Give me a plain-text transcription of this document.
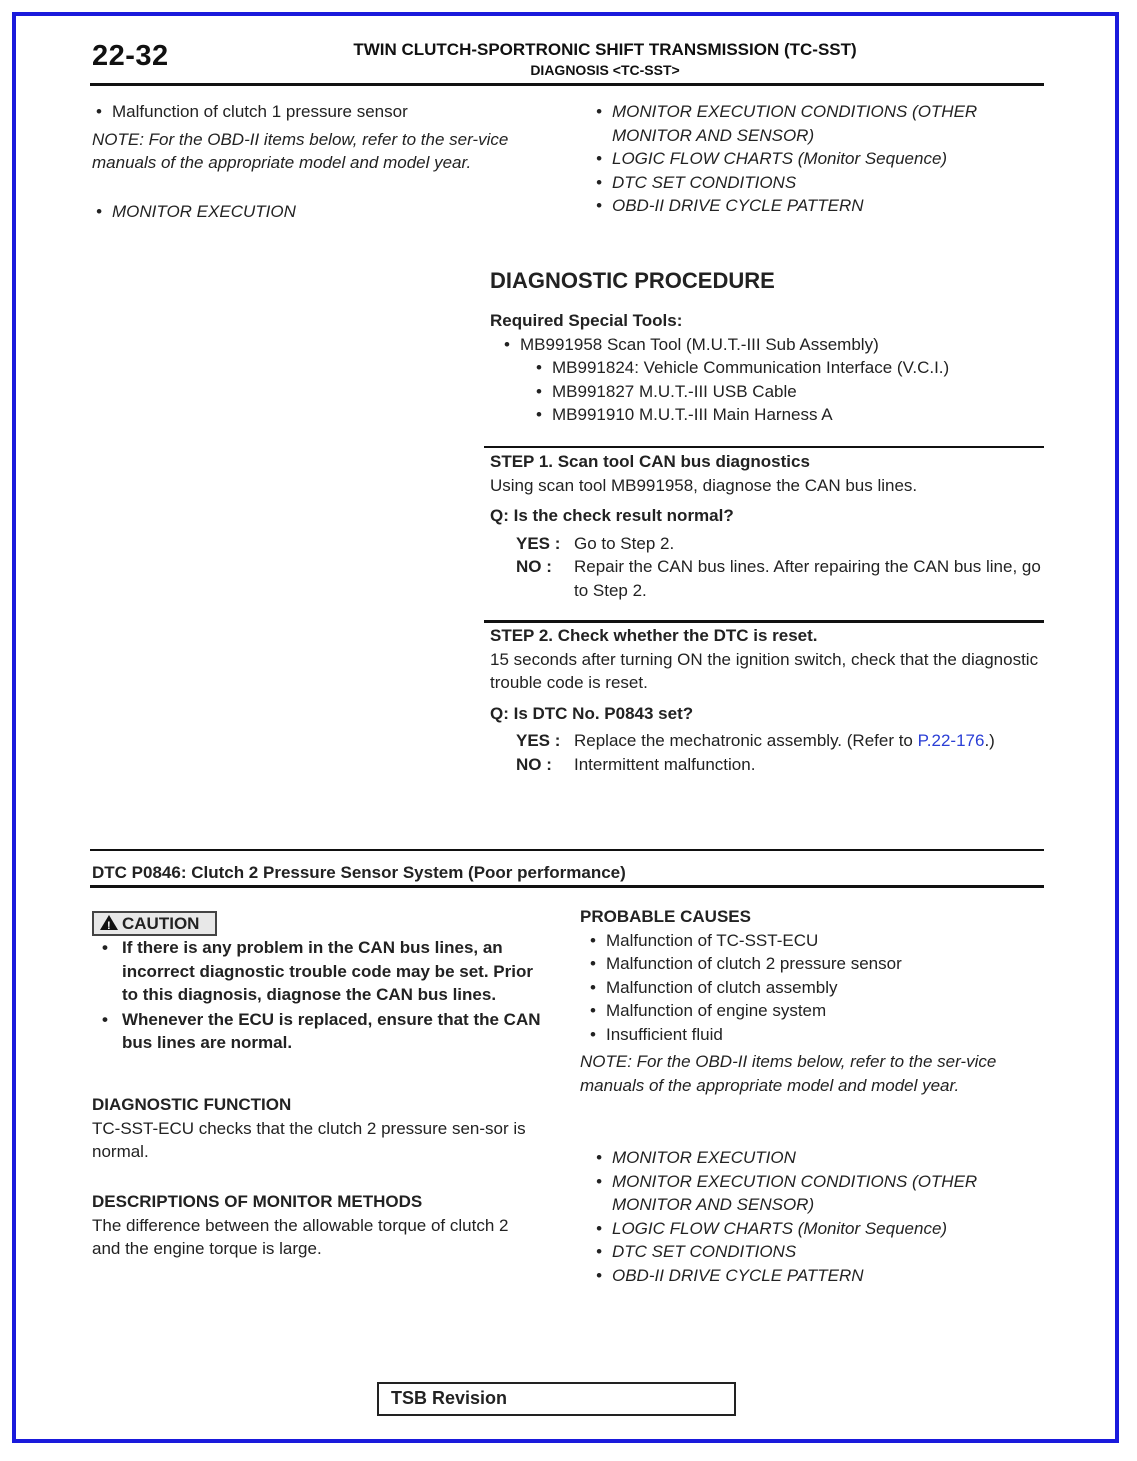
22-32	TWIN CLUTCH-SPORTRONIC SHIFT TRANSMISSION (TC-SST)
DIAGNOSIS <TC-SST>
• Malfunction of clutch 1 pressure sensor
NOTE: For the OBD-II items below, refer to the ser-vice manuals of the appropriate model and model year.
• MONITOR EXECUTION
• MONITOR EXECUTION CONDITIONS (OTHER MONITOR AND SENSOR)
• LOGIC FLOW CHARTS (Monitor Sequence)
• DTC SET CONDITIONS
• OBD-II DRIVE CYCLE PATTERN
DIAGNOSTIC PROCEDURE
Required Special Tools:
• MB991958 Scan Tool (M.U.T.-III Sub Assembly)
• MB991824: Vehicle Communication Interface (V.C.I.)
• MB991827 M.U.T.-III USB Cable
• MB991910 M.U.T.-III Main Harness A
STEP 1. Scan tool CAN bus diagnostics
Using scan tool MB991958, diagnose the CAN bus lines.
Q: Is the check result normal?
YES : Go to Step 2.
NO :	Repair the CAN bus lines. After repairing the CAN bus line, go to Step 2.
STEP 2. Check whether the DTC is reset.
15 seconds after turning ON the ignition switch, check that the diagnostic trouble code is reset.
Q: Is DTC No. P0843 set?
YES : Replace the mechatronic assembly. (Refer to P.22-176.)
NO :	Intermittent malfunction.
DTC P0846: Clutch 2 Pressure Sensor System (Poor performance)
!CAUTION
• If there is any problem in the CAN bus lines, an incorrect diagnostic trouble code may be set. Prior to this diagnosis, diagnose the CAN bus lines.
• Whenever the ECU is replaced, ensure that the CAN bus lines are normal.
DIAGNOSTIC FUNCTION
TC-SST-ECU checks that the clutch 2 pressure sen-sor is normal.
DESCRIPTIONS OF MONITOR METHODS
The difference between the allowable torque of clutch 2 and the engine torque is large.
PROBABLE CAUSES
• Malfunction of TC-SST-ECU
• Malfunction of clutch 2 pressure sensor
• Malfunction of clutch assembly
• Malfunction of engine system
• Insufficient fluid
NOTE: For the OBD-II items below, refer to the ser-vice manuals of the appropriate model and model year.
• MONITOR EXECUTION
• MONITOR EXECUTION CONDITIONS (OTHER MONITOR AND SENSOR)
• LOGIC FLOW CHARTS (Monitor Sequence)
• DTC SET CONDITIONS
• OBD-II DRIVE CYCLE PATTERN
TSB Revision
